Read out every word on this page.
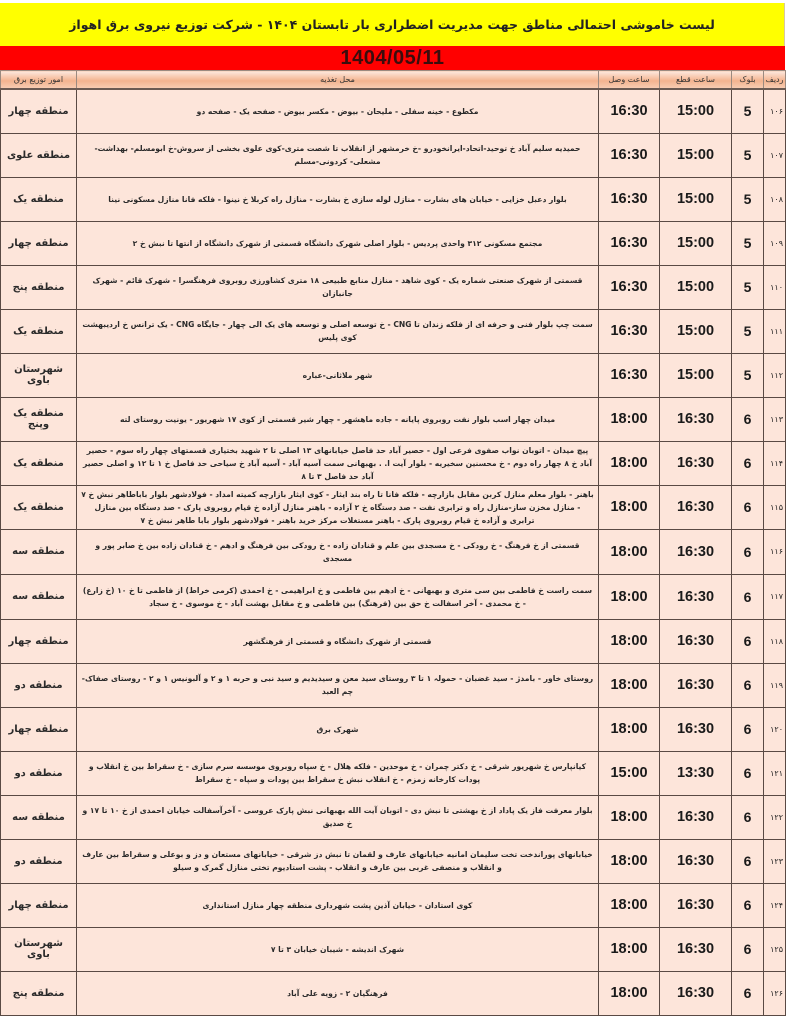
لیست خاموشی احتمالی مناطق جهت مدیریت اضطراری بار تابستان ۱۴۰۴ - شرکت توزیع نیروی برق اهواز
1404/05/11
ردیف	بلوک	ساعت قطع	ساعت وصل	محل تغذیه	امور توزیع برق
۱۰۶	5	15:00	16:30	مکطوع - خینه سفلی - ملیحان - بیوض - مکسر بیوض - صفحه یک - صفحه دو	منطقه چهار
۱۰۷	5	15:00	16:30	حمیدیه سلیم آباد خ توحید-اتحاد-ایرانخودرو -خ خرمشهر از انقلاب تا شصت متری-کوی علوی بخشی از سروش-خ ابومسلم- بهداشت- مشعلی- کردونی-مسلم	منطقه علوی
۱۰۸	5	15:00	16:30	بلوار دعبل خزایی - خیابان های بشارت - منازل لوله سازی خ بشارت - منازل راه کربلا خ نینوا - فلکه فانا منازل مسکونی نینا	منطقه یک
۱۰۹	5	15:00	16:30	مجتمع مسکونی ۳۱۲ واحدی پردیس - بلوار اصلی شهرک دانشگاه قسمتی از شهرک دانشگاه از انتها تا نبش خ ۲	منطقه چهار
۱۱۰	5	15:00	16:30	قسمتی از شهرک صنعتی شماره یک - کوی شاهد - منازل منابع طبیعی ۱۸ متری کشاورزی روبروی فرهنگسرا - شهرک قائم - شهرک جانبازان	منطقه پنج
۱۱۱	5	15:00	16:30	سمت چپ بلوار فنی و حرفه ای از فلکه زندان تا CNG - خ توسعه اصلی و توسعه های یک الی چهار - جایگاه CNG - یک ترانس خ اردیبهشت کوی پلیس	منطقه یک
۱۱۲	5	15:00	16:30	شهر ملاثانی-عباره	شهرستان باوی
۱۱۳	6	16:30	18:00	میدان چهار اسب بلوار نفت روبروی پایانه - جاده ماهشهر - چهار شیر قسمتی از کوی ۱۷ شهریور - یونیت روستای لته	منطقه یک وپنج
۱۱۴	6	16:30	18:00	پیچ میدان - اتوبان نواب صفوی فرعی اول - حصیر آباد حد فاصل خیابانهای ۱۳ اصلی تا ۲ شهید بختیاری قسمتهای چهار راه سوم - حصیر آباد خ ۸ چهار راه دوم - خ محسنین سخیریه - بلوار آیت ا. . بهبهانی سمت آسیه آباد - آسیه آباد خ سیاحی حد فاصل خ ۱ تا ۱۲ و اصلی حصیر آباد حد فاصل ۳ تا ۸	منطقه یک
۱۱۵	6	16:30	18:00	باهنر - بلوار معلم منازل کربن مقابل بازارچه - فلکه فانا تا راه بند ایثار - کوی ایثار بازارچه کمیته امداد - فولادشهر بلوار باباطاهر نبش خ ۷ - منازل مخزن ساز-منازل راه و ترابری نفت - صد دستگاه خ ۲ آزاده - باهنر منازل آزاده خ قیام روبروی پارک - صد دستگاه بین منازل ترابری و آزاده خ قیام روبروی پارک - باهنر مستغلات مرکز خرید باهنر - فولادشهر بلوار بابا طاهر نبش خ ۷	منطقه یک
۱۱۶	6	16:30	18:00	قسمتی از خ فرهنگ - خ رودکی - خ مسجدی بین علم و قنادان زاده - خ رودکی بین فرهنگ و ادهم - خ قنادان زاده بین خ صابر پور و مسجدی	منطقه سه
۱۱۷	6	16:30	18:00	سمت راست خ فاطمی بین سی متری و بهبهانی - خ ادهم بین فاطمی و خ ابراهیمی - خ احمدی (کرمی خراط) از فاطمی تا خ ۱۰ (خ زارع) - خ محمدی - آخر اسفالت خ حق بین (فرهنگ) بین فاطمی و خ مقابل بهشت آباد - خ موسوی - خ سجاد	منطقه سه
۱۱۸	6	16:30	18:00	قسمتی از شهرک دانشگاه و قسمتی از فرهنگشهر	منطقه چهار
۱۱۹	6	16:30	18:00	روستای خاور - بامدژ - سید غضبان - حمولہ ۱ تا ۳ روستای سید معن و سیدیدیم و سید نبی و حربه ۱ و ۲ و آلبونیس ۱ و ۲ - روستای صفاک-چم العبد	منطقه دو
۱۲۰	6	16:30	18:00	شهرک برق	منطقه چهار
۱۲۱	6	13:30	15:00	کیانپارس خ شهریور شرقی - خ دکتر چمران - خ موحدین - فلکه هلال - خ سپاه روبروی موسسه سرم سازی - خ سقراط بین خ انقلاب و پودات کارخانه زمزم - خ انقلاب نبش خ سقراط بین پودات و سپاه - خ سقراط	منطقه دو
۱۲۲	6	16:30	18:00	بلوار معرفت فاز یک پاداد از خ بهشتی تا نبش دی - اتوبان آیت الله بهبهانی نبش پارک عروسی - آخرآسفالت خیابان احمدی از خ ۱۰ تا ۱۷ و خ صدیق	منطقه سه
۱۲۳	6	16:30	18:00	خیابانهای پوراندخت تخت سلیمان امانیه خیابانهای عارف و لقمان تا نبش دز شرقی - خیابانهای مستعان و دز و بوعلی و سقراط بین عارف و انقلاب و منصفی غربی بین عارف و انقلاب - پشت استادیوم تختی منازل گمرک و سیلو	منطقه دو
۱۲۴	6	16:30	18:00	کوی استادان - خیابان آذین پشت شهرداری منطقه چهار منازل استانداری	منطقه چهار
۱۲۵	6	16:30	18:00	شهرک اندیشه - شیبان خیابان ۳ تا ۷	شهرستان باوی
۱۲۶	6	16:30	18:00	فرهنگیان ۲ - زویه علی آباد	منطقه پنج
